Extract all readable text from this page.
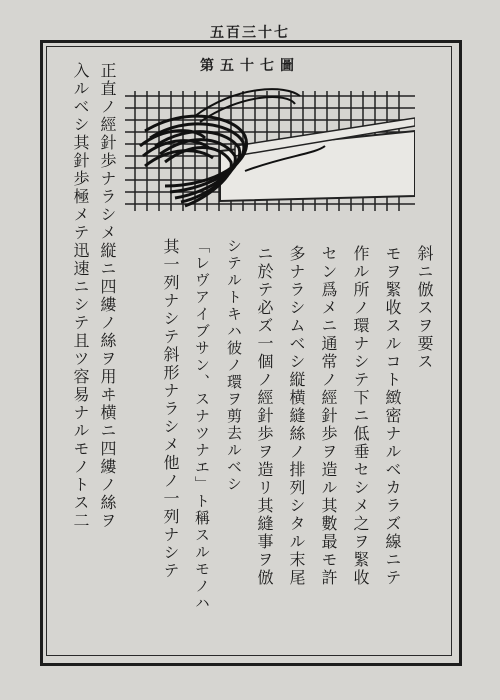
五百三十七
第五十七圖
正直ノ經針歩ナラシメ縦ニ四縷ノ絲ヲ用ヰ横ニ四縷ノ絲ヲ
入ルベシ其針歩極メテ迅速ニシテ且ツ容易ナルモノトス二	斜ニ倣スヲ要ス
モヲ緊收スルコト緻密ナルベカラズ線ニテ
作ル所ノ環ナシテ下ニ低垂セシメ之ヲ緊收
セン爲メニ通常ノ經針歩ヲ造ル其數最モ許
多ナラシムベシ縦横縫絲ノ排列シタル末尾
ニ於テ必ズ一個ノ經針歩ヲ造リ其縫事ヲ倣
シテルトキハ彼ノ環ヲ剪去ルベシ
「レヴアイブサン、スナツナエ」ト稱スルモノハ
其一列ナシテ斜形ナラシメ他ノ一列ナシテ
